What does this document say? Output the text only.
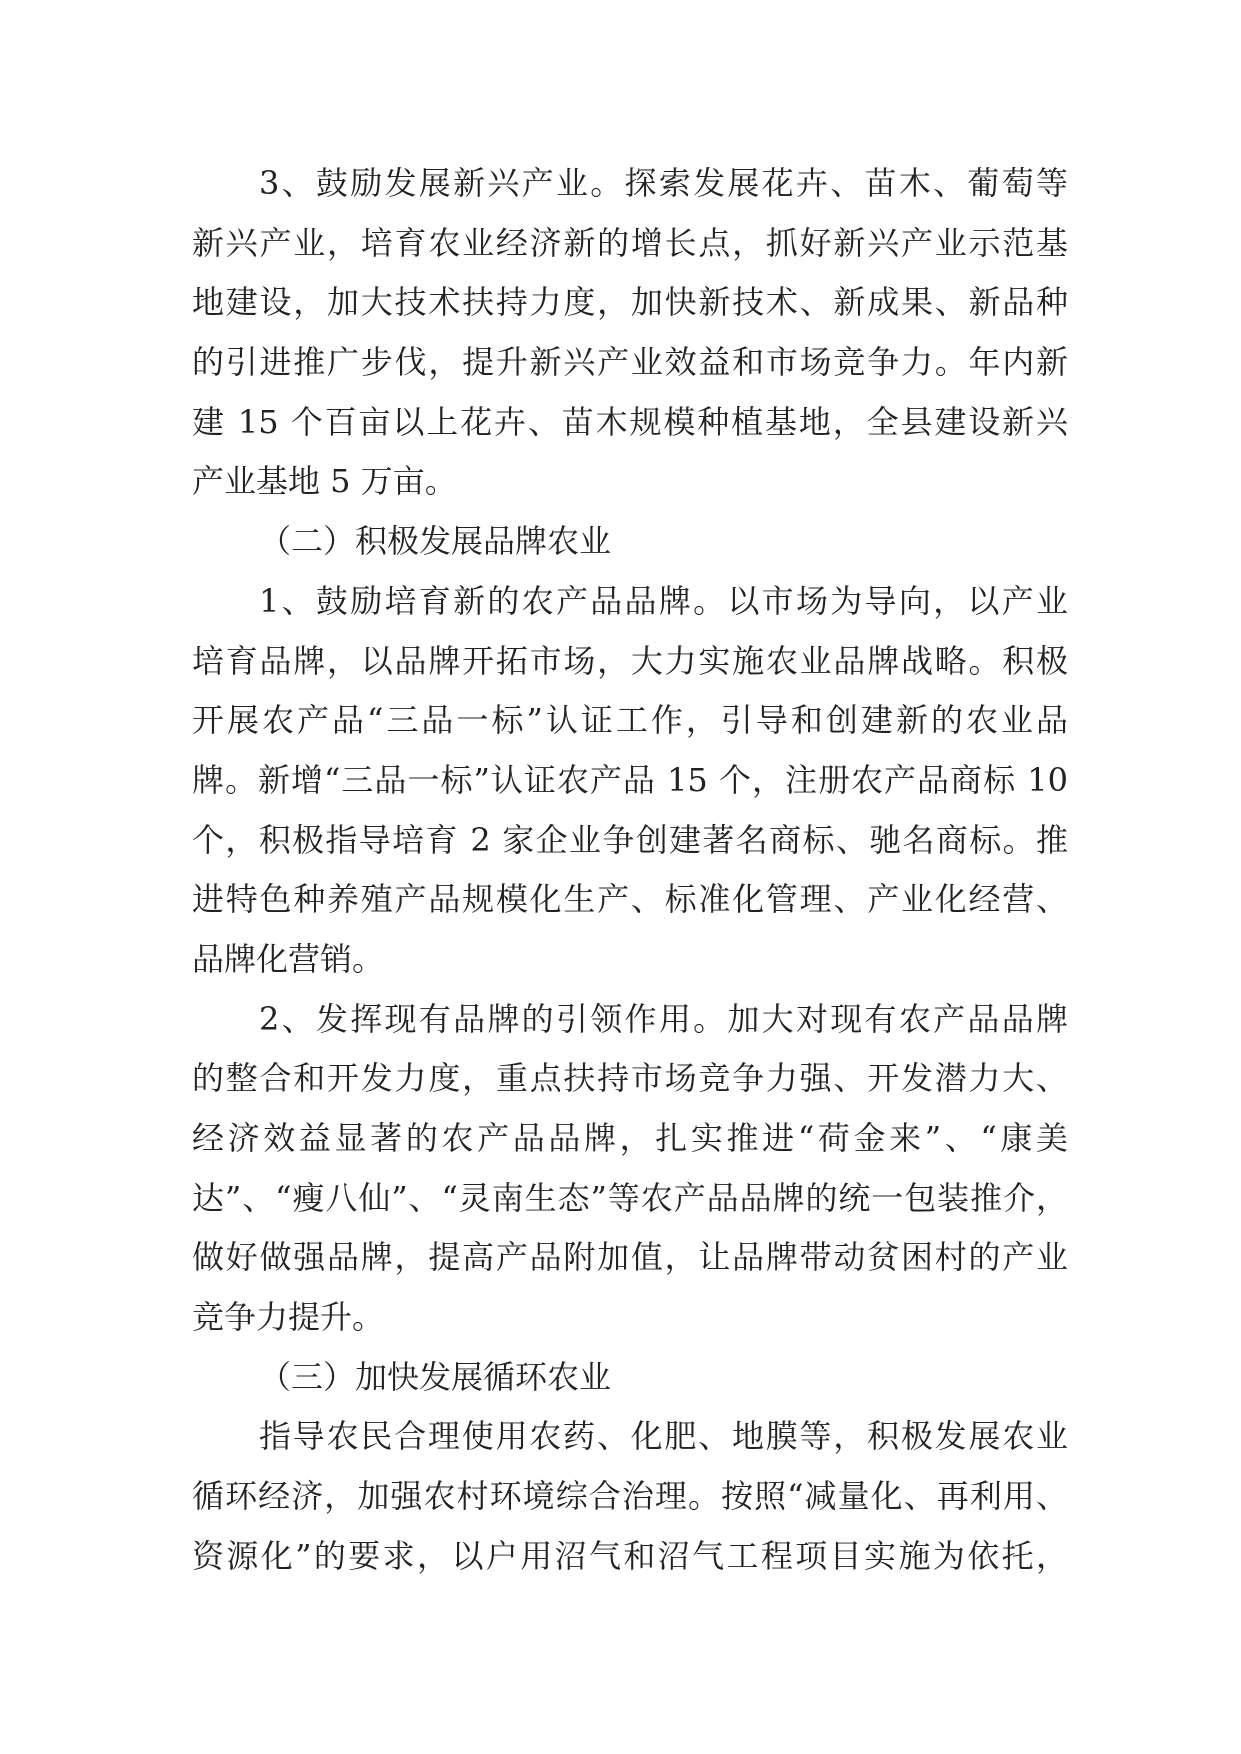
3、鼓励发展新兴产业。探索发展花卉、苗木、葡萄等
新兴产业，培育农业经济新的增长点，抓好新兴产业示范基
地建设，加大技术扶持力度，加快新技术、新成果、新品种
的引进推广步伐，提升新兴产业效益和市场竞争力。年内新
建 15 个百亩以上花卉、苗木规模种植基地，全县建设新兴
产业基地 5 万亩。
（二）积极发展品牌农业
1、鼓励培育新的农产品品牌。以市场为导向，以产业
培育品牌，以品牌开拓市场，大力实施农业品牌战略。积极
开展农产品“三品一标”认证工作，引导和创建新的农业品
牌。新增“三品一标”认证农产品 15 个，注册农产品商标 10
个，积极指导培育 2 家企业争创建著名商标、驰名商标。推
进特色种养殖产品规模化生产、标准化管理、产业化经营、
品牌化营销。
2、发挥现有品牌的引领作用。加大对现有农产品品牌
的整合和开发力度，重点扶持市场竞争力强、开发潜力大、
经济效益显著的农产品品牌，扎实推进“荷金来”、“康美
达”、“瘦八仙”、“灵南生态”等农产品品牌的统一包装推介，
做好做强品牌，提高产品附加值，让品牌带动贫困村的产业
竞争力提升。
（三）加快发展循环农业
指导农民合理使用农药、化肥、地膜等，积极发展农业
循环经济，加强农村环境综合治理。按照“减量化、再利用、
资源化”的要求，以户用沼气和沼气工程项目实施为依托，
